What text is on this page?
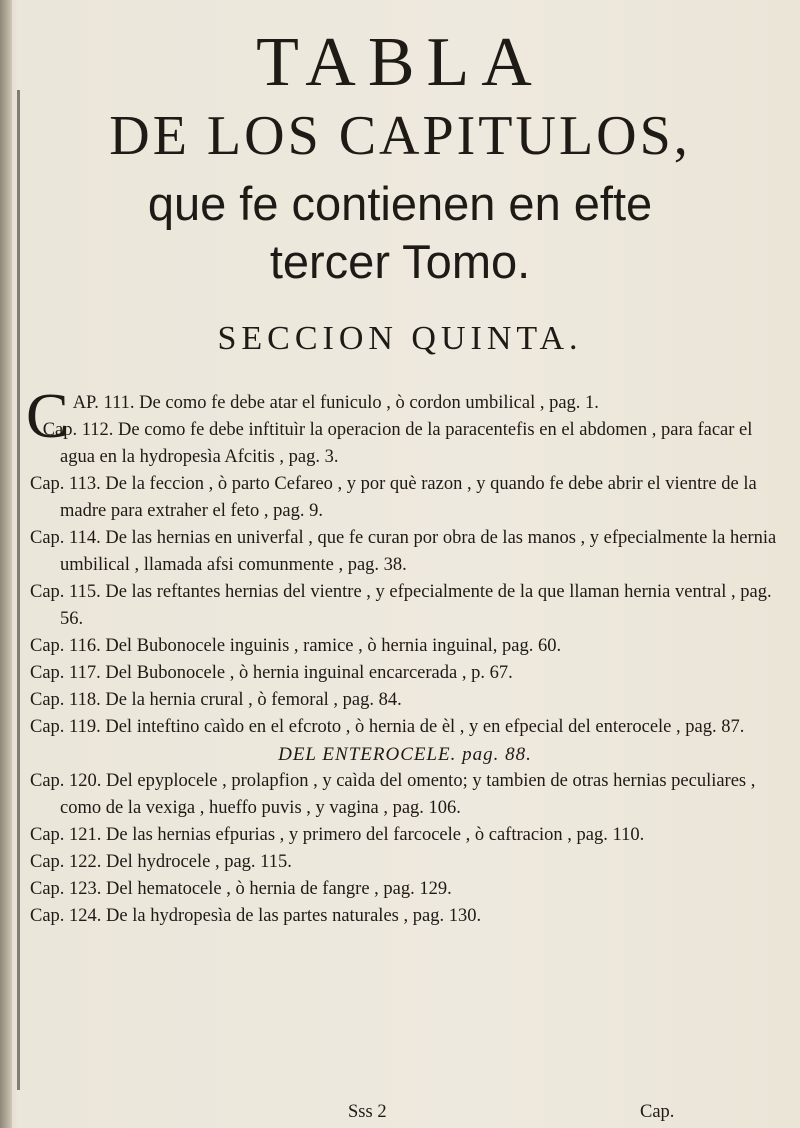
TABLA
DE LOS CAPITULOS,
que fe contienen en efte
tercer Tomo.
SECCION QUINTA.
C AP. 111. De como fe debe atar el funiculo , ò cordon umbilical , pag. 1.
Cap. 112. De como fe debe inftituìr la operacion de la paracentefis en el abdomen , para facar el agua en la hydropesìa Afcitis , pag. 3.
Cap. 113. De la feccion , ò parto Cefareo , y por què razon , y quando fe debe abrir el vientre de la madre para extraher el feto , pag. 9.
Cap. 114. De las hernias en univerfal , que fe curan por obra de las manos , y efpecialmente la hernia umbilical , llamada afsi comunmente , pag. 38.
Cap. 115. De las reftantes hernias del vientre , y efpecialmente de la que llaman hernia ventral , pag. 56.
Cap. 116. Del Bubonocele inguinis , ramice , ò hernia inguinal, pag. 60.
Cap. 117. Del Bubonocele , ò hernia inguinal encarcerada , p. 67.
Cap. 118. De la hernia crural , ò femoral , pag. 84.
Cap. 119. Del inteftino caìdo en el efcroto , ò hernia de èl , y en efpecial del enterocele , pag. 87.
DEL ENTEROCELE. pag. 88.
Cap. 120. Del epyplocele , prolapfion , y caìda del omento; y tambien de otras hernias peculiares , como de la vexiga , hueffo puvis , y vagina , pag. 106.
Cap. 121. De las hernias efpurias , y primero del farcocele , ò caftracion , pag. 110.
Cap. 122. Del hydrocele , pag. 115.
Cap. 123. Del hematocele , ò hernia de fangre , pag. 129.
Cap. 124. De la hydropesìa de las partes naturales , pag. 130.
Sss 2	Cap.
